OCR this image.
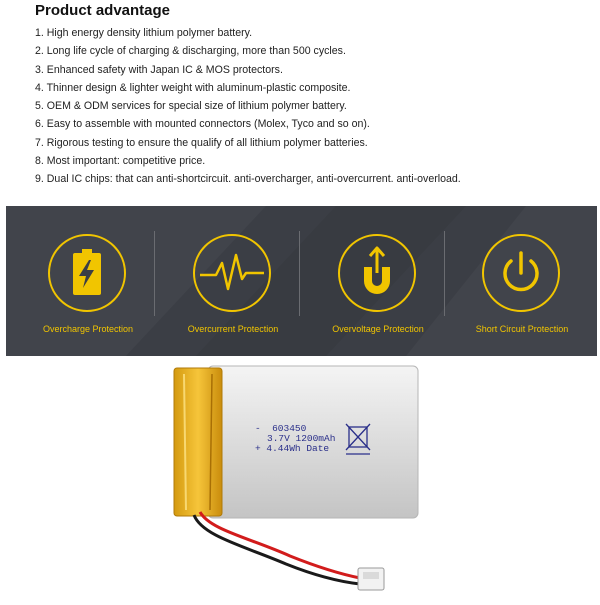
Product advantage
1. High energy density lithium polymer battery.
2. Long life cycle of charging & discharging, more than 500 cycles.
3. Enhanced safety with Japan IC & MOS protectors.
4. Thinner design & lighter weight with aluminum-plastic composite.
5. OEM & ODM services for special size of lithium polymer battery.
6. Easy to assemble with mounted connectors (Molex, Tyco and so on).
7. Rigorous testing to ensure the qualify of all lithium polymer batteries.
8. Most important: competitive price.
9. Dual IC chips: that can anti-shortcircuit. anti-overcharger, anti-overcurrent. anti-overload.
Overcharge Protection	Overcurrent Protection	Overvoltage Protection	Short Circuit Protection
- 603450
3.7V 1200mAh
+ 4.44Wh Date
